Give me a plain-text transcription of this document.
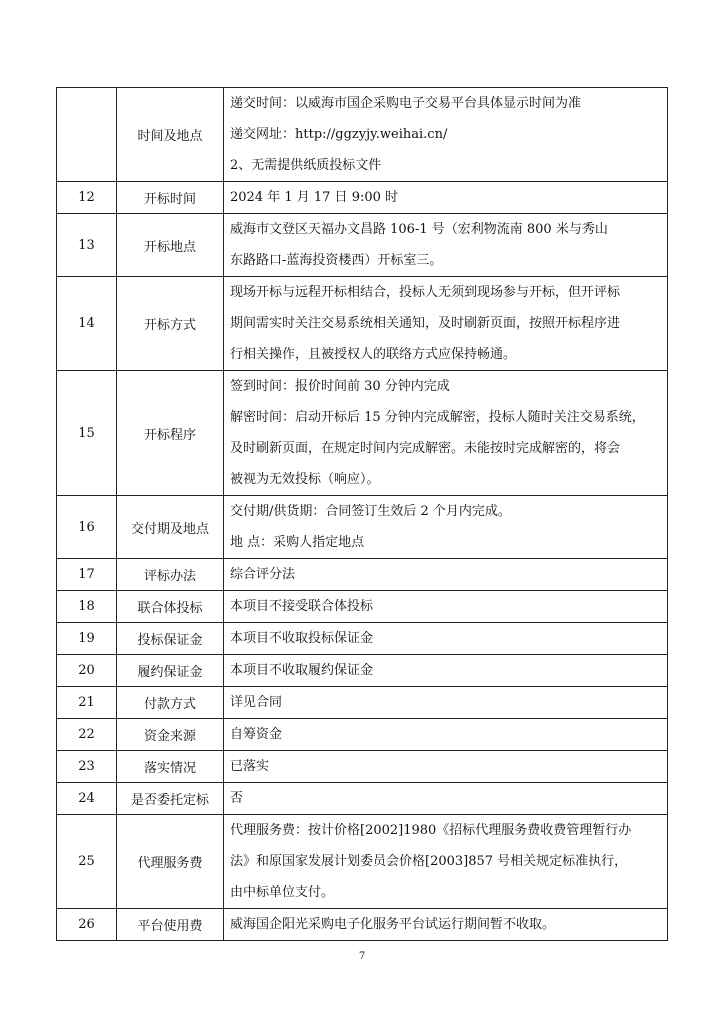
	时间及地点	递交时间：以威海市国企采购电子交易平台具体显示时间为准
递交网址：http://ggzyjy.weihai.cn/
2、无需提供纸质投标文件

12	开标时间	2024 年 1 月 17 日 9:00 时

13	开标地点	威海市文登区天福办文昌路 106-1 号（宏利物流南 800 米与秀山
东路路口-蓝海投资楼西）开标室三。

14	开标方式	现场开标与远程开标相结合，投标人无须到现场参与开标，但开评标
期间需实时关注交易系统相关通知，及时刷新页面，按照开标程序进
行相关操作，且被授权人的联络方式应保持畅通。

15	开标程序	签到时间：报价时间前 30 分钟内完成
解密时间：启动开标后 15 分钟内完成解密，投标人随时关注交易系统，
及时刷新页面，在规定时间内完成解密。未能按时完成解密的，将会
被视为无效投标（响应）。

16	交付期及地点	交付期/供货期：合同签订生效后 2 个月内完成。
地 点：采购人指定地点

17	评标办法	综合评分法

18	联合体投标	本项目不接受联合体投标

19	投标保证金	本项目不收取投标保证金

20	履约保证金	本项目不收取履约保证金

21	付款方式	详见合同

22	资金来源	自筹资金

23	落实情况	已落实

24	是否委托定标	否

25	代理服务费	代理服务费：按计价格[2002]1980《招标代理服务费收费管理暂行办
法》和原国家发展计划委员会价格[2003]857 号相关规定标准执行，
由中标单位支付。

26	平台使用费	威海国企阳光采购电子化服务平台试运行期间暂不收取。
7
